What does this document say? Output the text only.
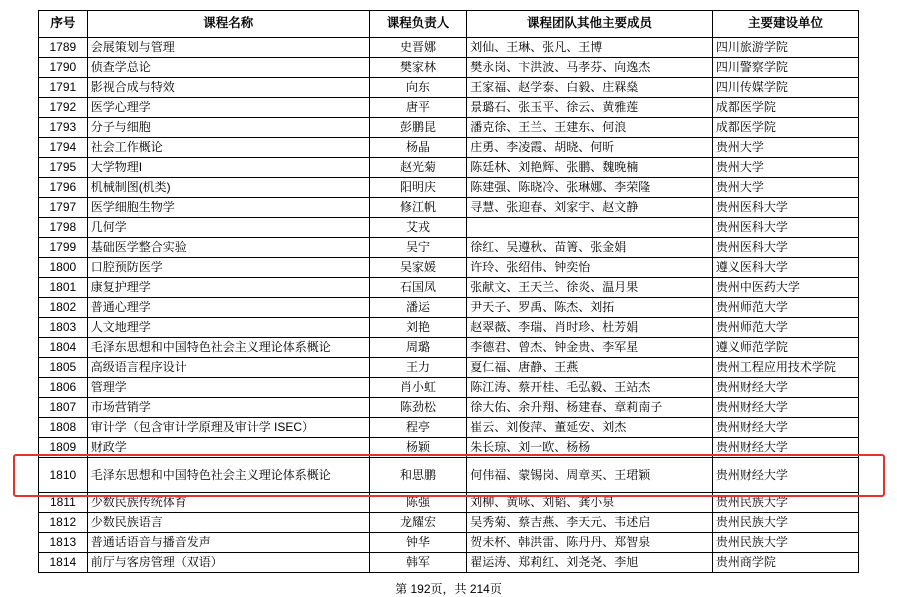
序号	课程名称	课程负责人	课程团队其他主要成员	主要建设单位
1789	会展策划与管理	史晋娜	刘仙、王琳、张凡、王博	四川旅游学院
1790	侦查学总论	樊家林	樊永岗、卞洪波、马孝芬、向逸杰	四川警察学院
1791	影视合成与特效	向东	王家福、赵学泰、白毅、庄槑燊	四川传媒学院
1792	医学心理学	唐平	景璐石、张玉平、徐云、黄雅莲	成都医学院
1793	分子与细胞	彭鹏昆	潘克徐、王兰、王建东、何浪	成都医学院
1794	社会工作概论	杨晶	庄勇、李凌霞、胡晓、何昕	贵州大学
1795	大学物理I	赵光菊	陈廷林、刘艳辉、张鹏、魏晚楠	贵州大学
1796	机械制图(机类)	阳明庆	陈建强、陈晓冷、张琳娜、李荣隆	贵州大学
1797	医学细胞生物学	修江帆	寻慧、张迎春、刘家宇、赵文静	贵州医科大学
1798	几何学	艾戎		贵州医科大学
1799	基础医学整合实验	吴宁	徐红、吴遵秋、苗箐、张金娟	贵州医科大学
1800	口腔预防医学	吴家媛	许玲、张绍伟、钟奕怡	遵义医科大学
1801	康复护理学	石国凤	张献文、王天兰、徐炎、温月果	贵州中医药大学
1802	普通心理学	潘运	尹天子、罗禹、陈杰、刘拓	贵州师范大学
1803	人文地理学	刘艳	赵翠薇、李瑞、肖时珍、杜芳娟	贵州师范大学
1804	毛泽东思想和中国特色社会主义理论体系概论	周璐	李德君、曾杰、钟金贵、李军星	遵义师范学院
1805	高级语言程序设计	王力	夏仁福、唐静、王燕	贵州工程应用技术学院
1806	管理学	肖小虹	陈江涛、蔡开桂、毛弘毅、王站杰	贵州财经大学
1807	市场营销学	陈劲松	徐大佑、余升翔、杨建春、章莉南子	贵州财经大学
1808	审计学（包含审计学原理及审计学 ISEC）	程亭	崔云、刘俊萍、董延安、刘杰	贵州财经大学
1809	财政学	杨颖	朱长琼、刘一欧、杨杨	贵州财经大学
1810	毛泽东思想和中国特色社会主义理论体系概论	和思鹏	何伟福、蒙锡岗、周章买、王珺颖	贵州财经大学
1811	少数民族传统体育	陈强	刘柳、黄咏、刘韬、龚小泉	贵州民族大学
1812	少数民族语言	龙耀宏	吴秀菊、蔡吉燕、李天元、韦述启	贵州民族大学
1813	普通话语音与播音发声	钟华	贺未杯、韩洪雷、陈丹丹、郑智泉	贵州民族大学
1814	前厅与客房管理（双语）	韩军	翟运涛、郑莉红、刘尧尧、李旭	贵州商学院
第 192页，共 214页
